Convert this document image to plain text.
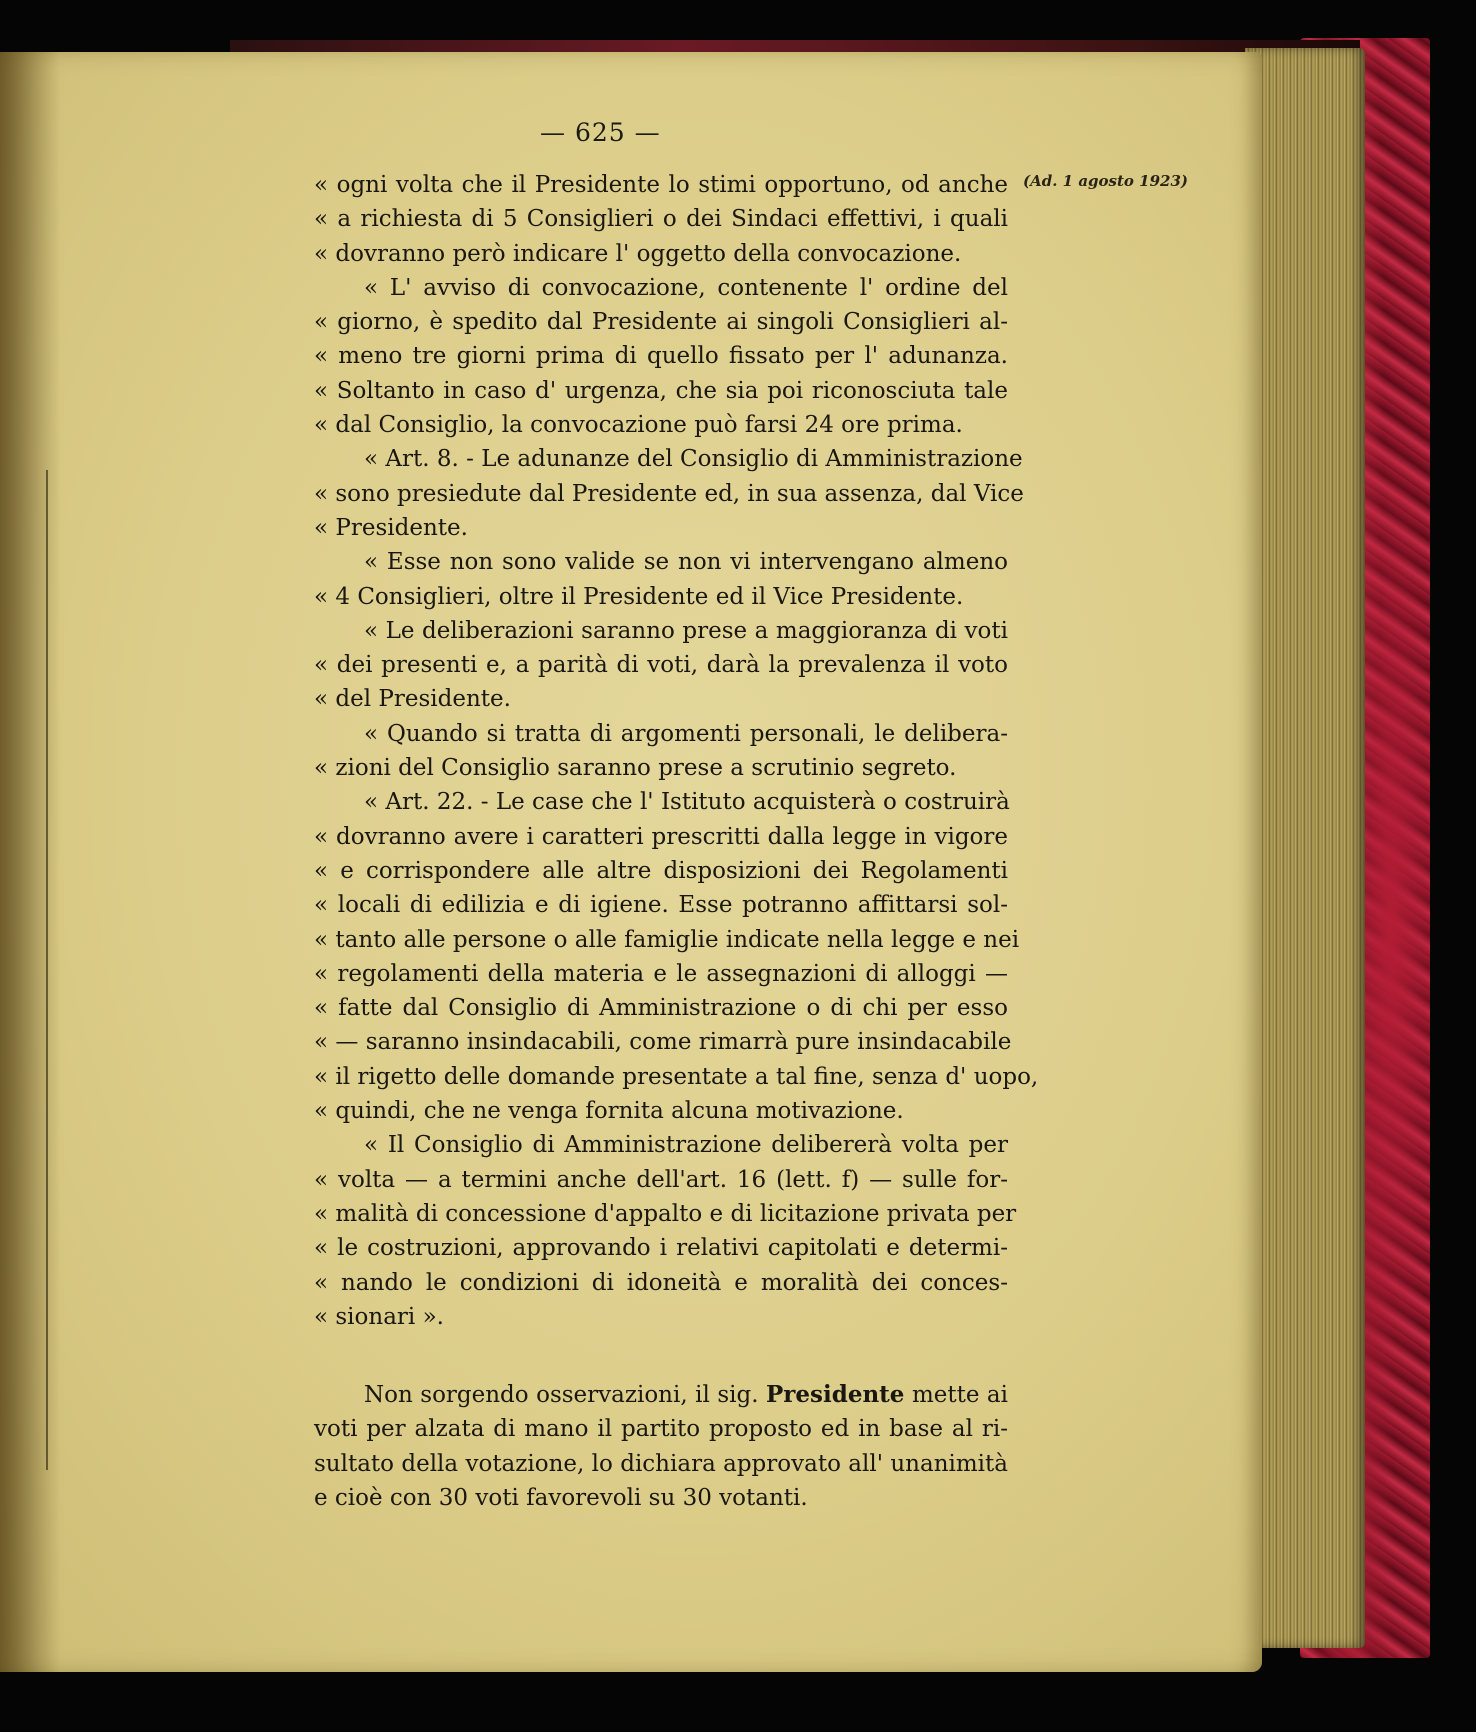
— 625 —
(Ad. 1 agosto 1923)
« ogni volta che il Presidente lo stimi opportuno, od anche
« a richiesta di 5 Consiglieri o dei Sindaci effettivi, i quali
« dovranno però indicare l' oggetto della convocazione.
« L' avviso di convocazione, contenente l' ordine del
« giorno, è spedito dal Presidente ai singoli Consiglieri al-
« meno tre giorni prima di quello fissato per l' adunanza.
« Soltanto in caso d' urgenza, che sia poi riconosciuta tale
« dal Consiglio, la convocazione può farsi 24 ore prima.
« Art. 8. - Le adunanze del Consiglio di Amministrazione
« sono presiedute dal Presidente ed, in sua assenza, dal Vice
« Presidente.
« Esse non sono valide se non vi intervengano almeno
« 4 Consiglieri, oltre il Presidente ed il Vice Presidente.
« Le deliberazioni saranno prese a maggioranza di voti
« dei presenti e, a parità di voti, darà la prevalenza il voto
« del Presidente.
« Quando si tratta di argomenti personali, le delibera-
« zioni del Consiglio saranno prese a scrutinio segreto.
« Art. 22. - Le case che l' Istituto acquisterà o costruirà
« dovranno avere i caratteri prescritti dalla legge in vigore
« e corrispondere alle altre disposizioni dei Regolamenti
« locali di edilizia e di igiene. Esse potranno affittarsi sol-
« tanto alle persone o alle famiglie indicate nella legge e nei
« regolamenti della materia e le assegnazioni di alloggi —
« fatte dal Consiglio di Amministrazione o di chi per esso
« — saranno insindacabili, come rimarrà pure insindacabile
« il rigetto delle domande presentate a tal fine, senza d' uopo,
« quindi, che ne venga fornita alcuna motivazione.
« Il Consiglio di Amministrazione delibererà volta per
« volta — a termini anche dell'art. 16 (lett. f) — sulle for-
« malità di concessione d'appalto e di licitazione privata per
« le costruzioni, approvando i relativi capitolati e determi-
« nando le condizioni di idoneità e moralità dei conces-
« sionari ».
Non sorgendo osservazioni, il sig. Presidente mette ai
voti per alzata di mano il partito proposto ed in base al ri-
sultato della votazione, lo dichiara approvato all' unanimità
e cioè con 30 voti favorevoli su 30 votanti.
